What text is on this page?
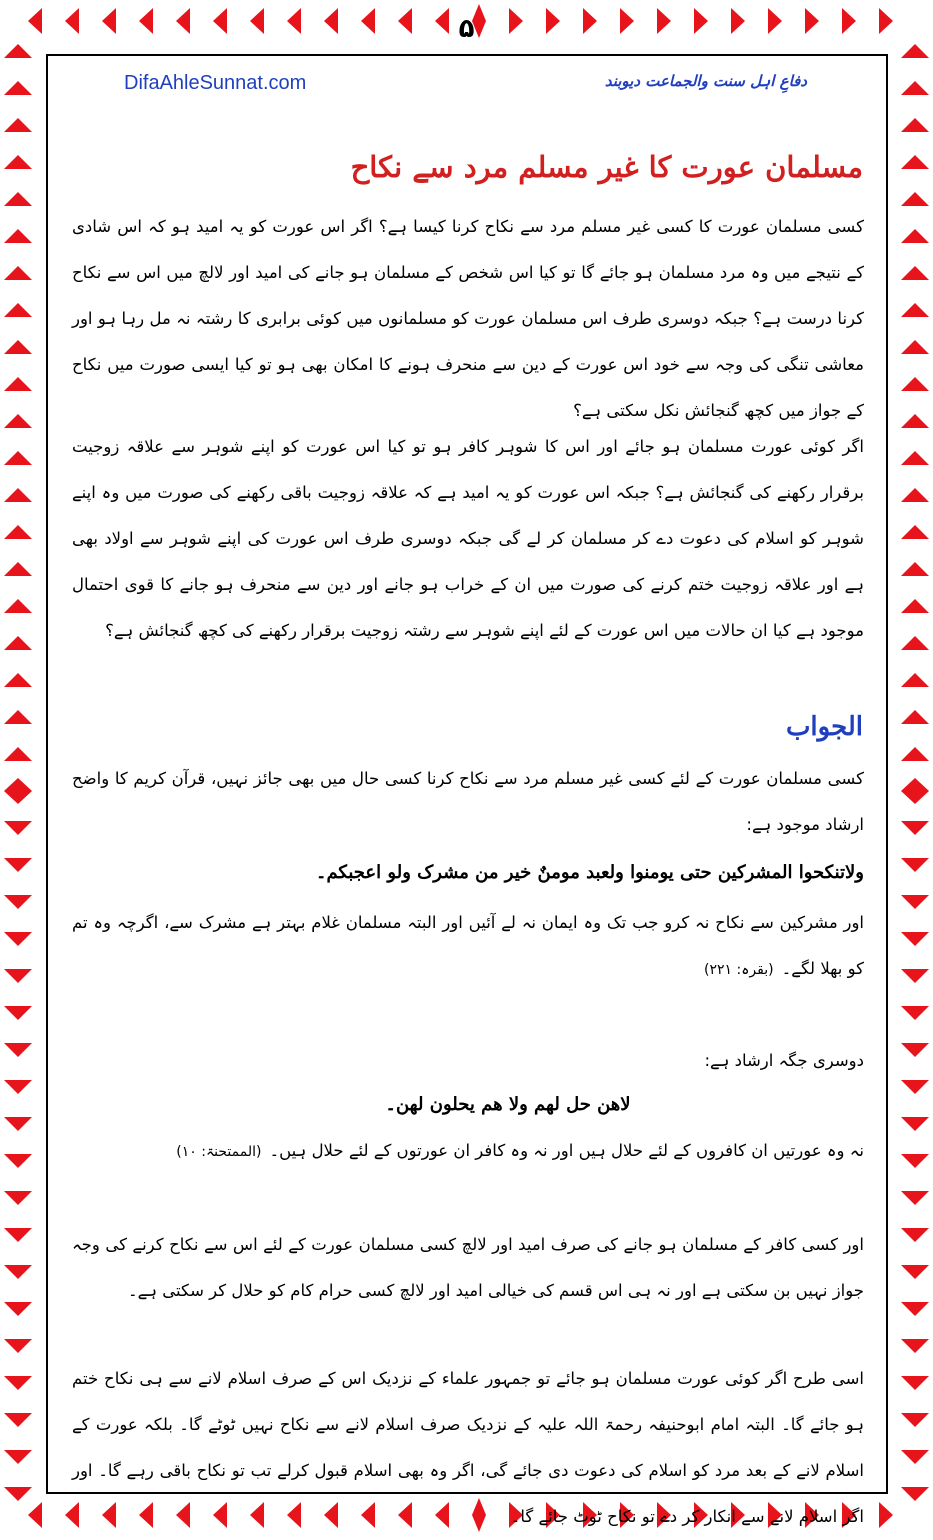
۵
DifaAhleSunnat.com	دفاعِ اہل سنت والجماعت دیوبند
مسلمان عورت کا غیر مسلم مرد سے نکاح
کسی مسلمان عورت کا کسی غیر مسلم مرد سے نکاح کرنا کیسا ہے؟ اگر اس عورت کو یہ امید ہو کہ اس شادی کے نتیجے میں وہ مرد مسلمان ہو جائے گا تو کیا اس شخص کے مسلمان ہو جانے کی امید اور لالچ میں اس سے نکاح کرنا درست ہے؟ جبکہ دوسری طرف اس مسلمان عورت کو مسلمانوں میں کوئی برابری کا رشتہ نہ مل رہا ہو اور معاشی تنگی کی وجہ سے خود اس عورت کے دین سے منحرف ہونے کا امکان بھی ہو تو کیا ایسی صورت میں نکاح کے جواز میں کچھ گنجائش نکل سکتی ہے؟
اگر کوئی عورت مسلمان ہو جائے اور اس کا شوہر کافر ہو تو کیا اس عورت کو اپنے شوہر سے علاقہ زوجیت برقرار رکھنے کی گنجائش ہے؟ جبکہ اس عورت کو یہ امید ہے کہ علاقہ زوجیت باقی رکھنے کی صورت میں وہ اپنے شوہر کو اسلام کی دعوت دے کر مسلمان کر لے گی جبکہ دوسری طرف اس عورت کی اپنے شوہر سے اولاد بھی ہے اور علاقہ زوجیت ختم کرنے کی صورت میں ان کے خراب ہو جانے اور دین سے منحرف ہو جانے کا قوی احتمال موجود ہے کیا ان حالات میں اس عورت کے لئے اپنے شوہر سے رشتہ زوجیت برقرار رکھنے کی کچھ گنجائش ہے؟
الجواب
کسی مسلمان عورت کے لئے کسی غیر مسلم مرد سے نکاح کرنا کسی حال میں بھی جائز نہیں، قرآن کریم کا واضح ارشاد موجود ہے:
ولاتنکحوا المشرکین حتی یومنوا ولعبد مومنٌ خیر من مشرک ولو اعجبکم۔
اور مشرکین سے نکاح نہ کرو جب تک وہ ایمان نہ لے آئیں اور البتہ مسلمان غلام بہتر ہے مشرک سے، اگرچہ وہ تم کو بھلا لگے۔(بقرہ: ۲۲۱)
دوسری جگہ ارشاد ہے:
لاھن حل لھم ولا ھم یحلون لھن۔
نہ وہ عورتیں ان کافروں کے لئے حلال ہیں اور نہ وہ کافر ان عورتوں کے لئے حلال ہیں۔(الممتحنۃ: ۱۰)
اور کسی کافر کے مسلمان ہو جانے کی صرف امید اور لالچ کسی مسلمان عورت کے لئے اس سے نکاح کرنے کی وجہ جواز نہیں بن سکتی ہے اور نہ ہی اس قسم کی خیالی امید اور لالچ کسی حرام کام کو حلال کر سکتی ہے۔
اسی طرح اگر کوئی عورت مسلمان ہو جائے تو جمہور علماء کے نزدیک اس کے صرف اسلام لانے سے ہی نکاح ختم ہو جائے گا۔ البتہ امام ابوحنیفہ رحمۃ اللہ علیہ کے نزدیک صرف اسلام لانے سے نکاح نہیں ٹوٹے گا۔ بلکہ عورت کے اسلام لانے کے بعد مرد کو اسلام کی دعوت دی جائے گی، اگر وہ بھی اسلام قبول کرلے تب تو نکاح باقی رہے گا۔ اور اگر اسلام لانے سے انکار کر دے تو نکاح ٹوٹ جائے گا۔
